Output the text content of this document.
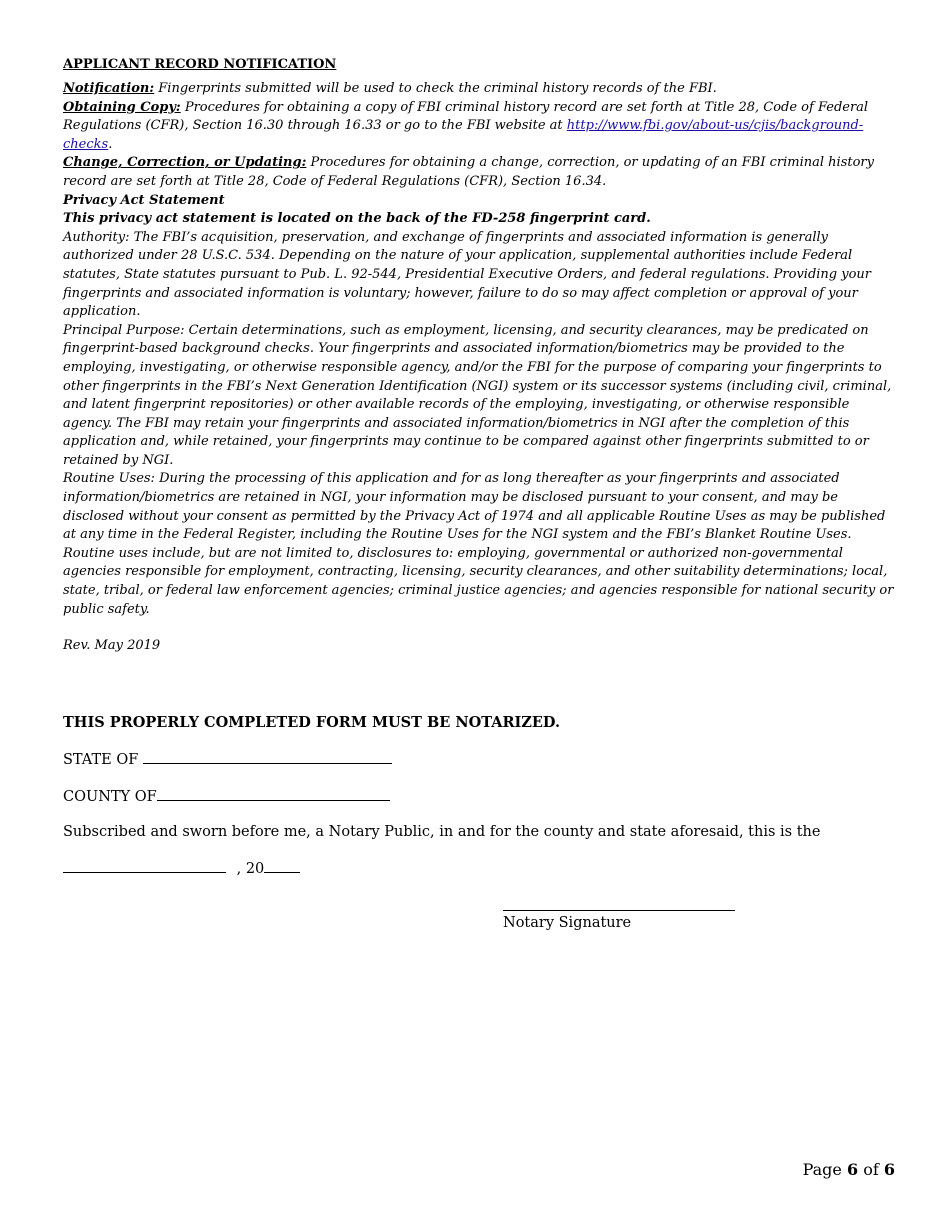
APPLICANT RECORD NOTIFICATION

Notification: Fingerprints submitted will be used to check the criminal history records of the FBI.

Obtaining Copy: Procedures for obtaining a copy of FBI criminal history record are set forth at Title 28, Code of Federal Regulations (CFR), Section 16.30 through 16.33 or go to the FBI website at http://www.fbi.gov/about-us/cjis/background-checks.

Change, Correction, or Updating: Procedures for obtaining a change, correction, or updating of an FBI criminal history record are set forth at Title 28, Code of Federal Regulations (CFR), Section 16.34.

Privacy Act Statement

This privacy act statement is located on the back of the FD-258 fingerprint card.

Authority: The FBI’s acquisition, preservation, and exchange of fingerprints and associated information is generally authorized under 28 U.S.C. 534. Depending on the nature of your application, supplemental authorities include Federal statutes, State statutes pursuant to Pub. L. 92-544, Presidential Executive Orders, and federal regulations. Providing your fingerprints and associated information is voluntary; however, failure to do so may affect completion or approval of your application.

Principal Purpose: Certain determinations, such as employment, licensing, and security clearances, may be predicated on fingerprint-based background checks. Your fingerprints and associated information/biometrics may be provided to the employing, investigating, or otherwise responsible agency, and/or the FBI for the purpose of comparing your fingerprints to other fingerprints in the FBI’s Next Generation Identification (NGI) system or its successor systems (including civil, criminal, and latent fingerprint repositories) or other available records of the employing, investigating, or otherwise responsible agency. The FBI may retain your fingerprints and associated information/biometrics in NGI after the completion of this application and, while retained, your fingerprints may continue to be compared against other fingerprints submitted to or retained by NGI.

Routine Uses: During the processing of this application and for as long thereafter as your fingerprints and associated information/biometrics are retained in NGI, your information may be disclosed pursuant to your consent, and may be disclosed without your consent as permitted by the Privacy Act of 1974 and all applicable Routine Uses as may be published at any time in the Federal Register, including the Routine Uses for the NGI system and the FBI’s Blanket Routine Uses. Routine uses include, but are not limited to, disclosures to: employing, governmental or authorized non-governmental agencies responsible for employment, contracting, licensing, security clearances, and other suitability determinations; local, state, tribal, or federal law enforcement agencies; criminal justice agencies; and agencies responsible for national security or public safety.

Rev. May 2019

THIS PROPERLY COMPLETED FORM MUST BE NOTARIZED.

STATE OF
COUNTY OF
Subscribed and sworn before me, a Notary Public, in and for the county and state aforesaid, this is the
, 20
Notary Signature
Page 6 of 6
